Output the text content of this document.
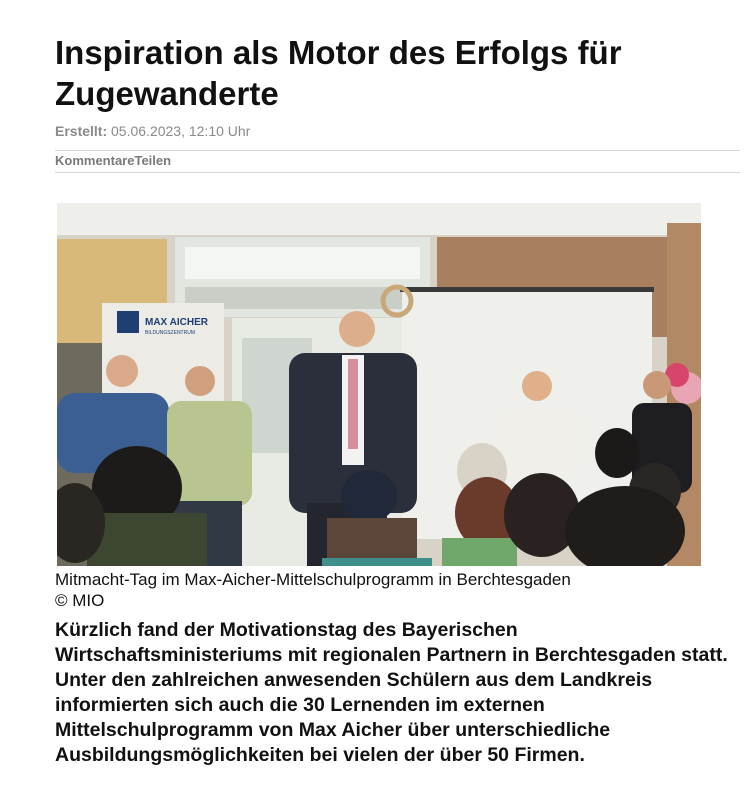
Inspiration als Motor des Erfolgs für Zugewanderte
Erstellt: 05.06.2023, 12:10 Uhr
KommentareTeilen
MAX AICHER
BILDUNGSZENTRUM
Mitmacht-Tag im Max-Aicher-Mittelschulprogramm in Berchtesgaden
© MIO

Kürzlich fand der Motivationstag des Bayerischen Wirtschaftsministeriums mit regionalen Partnern in Berchtesgaden statt. Unter den zahlreichen anwesenden Schülern aus dem Landkreis informierten sich auch die 30 Lernenden im externen Mittelschulprogramm von Max Aicher über unterschiedliche Ausbildungsmöglichkeiten bei vielen der über 50 Firmen.
